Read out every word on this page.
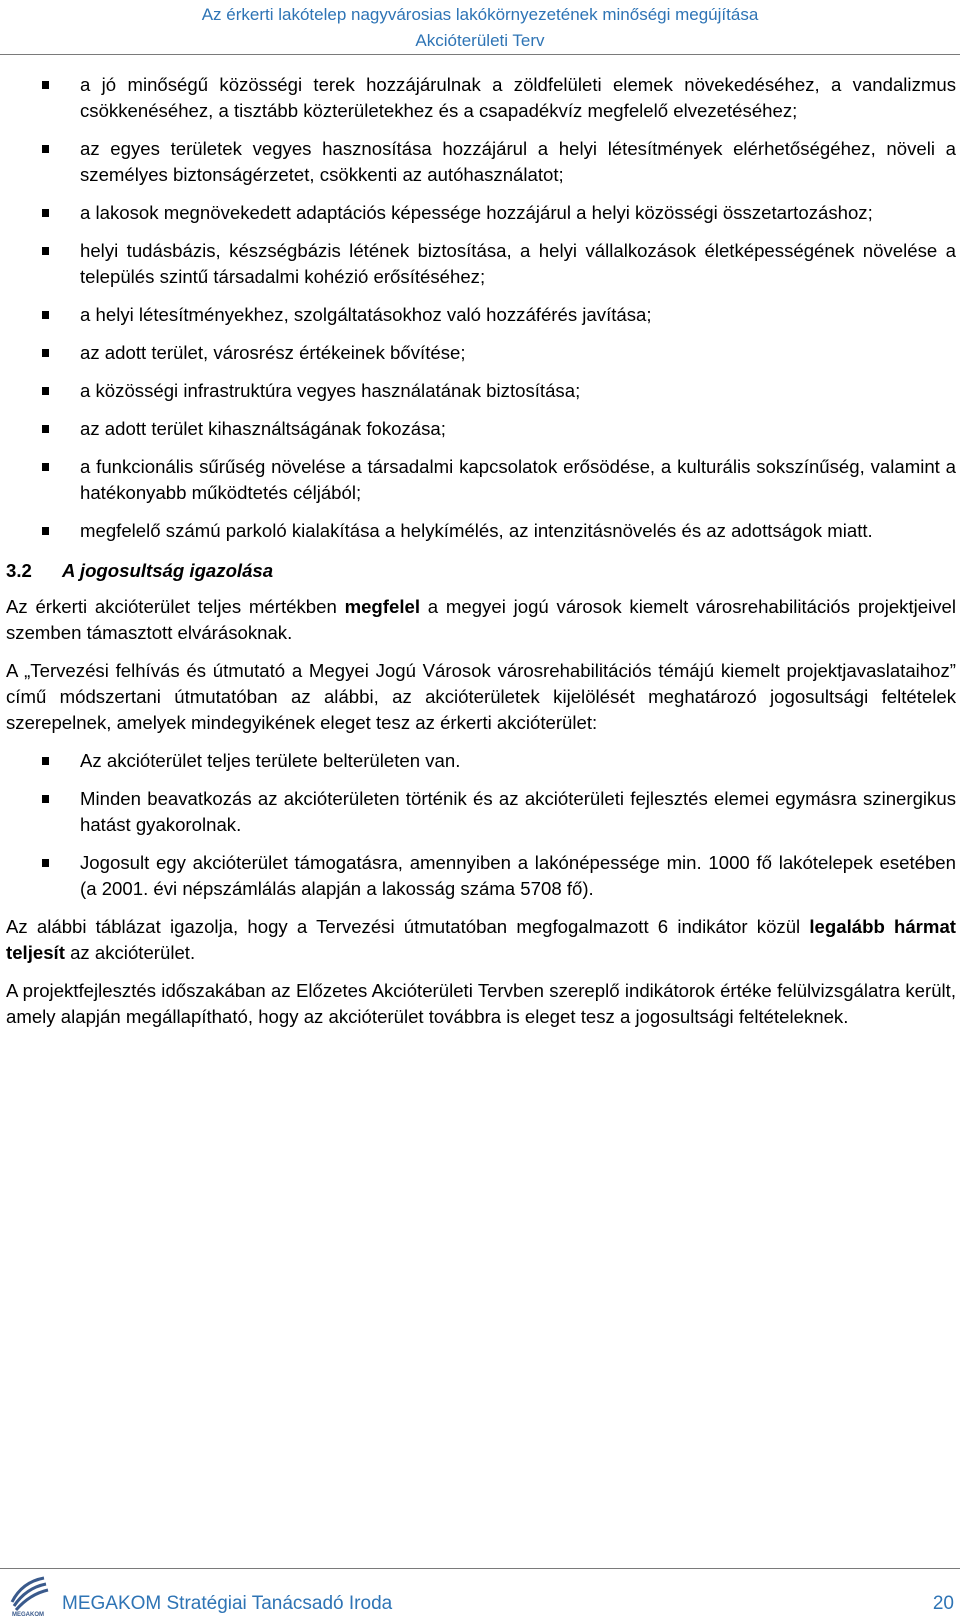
Az érkerti lakótelep nagyvárosias lakókörnyezetének minőségi megújítása
Akcióterületi Terv
a jó minőségű közösségi terek hozzájárulnak a zöldfelületi elemek növekedéséhez, a vandalizmus csökkenéséhez, a tisztább közterületekhez és a csapadékvíz megfelelő elvezetéséhez;
az egyes területek vegyes hasznosítása hozzájárul a helyi létesítmények elérhetőségéhez, növeli a személyes biztonságérzetet, csökkenti az autóhasználatot;
a lakosok megnövekedett adaptációs képessége hozzájárul a helyi közösségi összetartozáshoz;
helyi tudásbázis, készségbázis létének biztosítása, a helyi vállalkozások életképességének növelése a település szintű társadalmi kohézió erősítéséhez;
a helyi létesítményekhez, szolgáltatásokhoz való hozzáférés javítása;
az adott terület, városrész értékeinek bővítése;
a közösségi infrastruktúra vegyes használatának biztosítása;
az adott terület kihasználtságának fokozása;
a funkcionális sűrűség növelése a társadalmi kapcsolatok erősödése, a kulturális sokszínűség, valamint a hatékonyabb működtetés céljából;
megfelelő számú parkoló kialakítása a helykímélés, az intenzitásnövelés és az adottságok miatt.
3.2 A jogosultság igazolása

Az érkerti akcióterület teljes mértékben megfelel a megyei jogú városok kiemelt városrehabilitációs projektjeivel szemben támasztott elvárásoknak.

A „Tervezési felhívás és útmutató a Megyei Jogú Városok városrehabilitációs témájú kiemelt projektjavaslataihoz” című módszertani útmutatóban az alábbi, az akcióterületek kijelölését meghatározó jogosultsági feltételek szerepelnek, amelyek mindegyikének eleget tesz az érkerti akcióterület:

Az akcióterület teljes területe belterületen van.
Minden beavatkozás az akcióterületen történik és az akcióterületi fejlesztés elemei egymásra szinergikus hatást gyakorolnak.
Jogosult egy akcióterület támogatásra, amennyiben a lakónépessége min. 1000 fő lakótelepek esetében (a 2001. évi népszámlálás alapján a lakosság száma 5708 fő).

Az alábbi táblázat igazolja, hogy a Tervezési útmutatóban megfogalmazott 6 indikátor közül legalább hármat teljesít az akcióterület.

A projektfejlesztés időszakában az Előzetes Akcióterületi Tervben szereplő indikátorok értéke felülvizsgálatra került, amely alapján megállapítható, hogy az akcióterület továbbra is eleget tesz a jogosultsági feltételeknek.

MEGAKOM
MEGAKOM Stratégiai Tanácsadó Iroda	20
